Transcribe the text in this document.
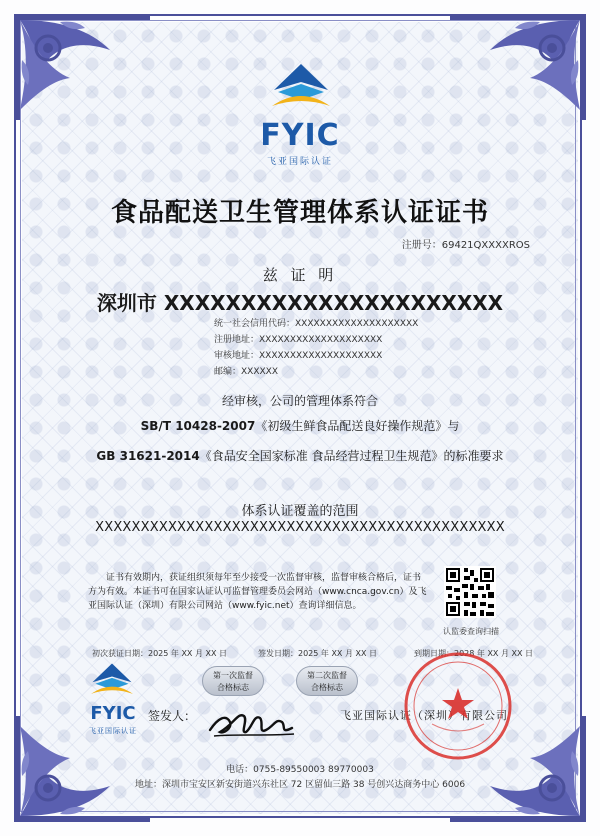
FYIC
飞亚国际认证
食品配送卫生管理体系认证证书
注册号：69421QXXXXROS
兹 证 明
深圳市 XXXXXXXXXXXXXXXXXXXXXX
统一社会信用代码：XXXXXXXXXXXXXXXXXXXX
注册地址：XXXXXXXXXXXXXXXXXXXX
审核地址：XXXXXXXXXXXXXXXXXXXX
邮编：XXXXXX
经审核，公司的管理体系符合
SB/T 10428-2007《初级生鲜食品配送良好操作规范》与
GB 31621-2014《食品安全国家标准 食品经营过程卫生规范》的标准要求
体系认证覆盖的范围
XXXXXXXXXXXXXXXXXXXXXXXXXXXXXXXXXXXXXXXXXXXXX
证书有效期内，获证组织须每年至少接受一次监督审核，监督审核合格后，证书方为有效。本证书可在国家认证认可监督管理委员会网站（www.cnca.gov.cn）及飞亚国际认证（深圳）有限公司网站（www.fyic.net）查询详细信息。
认监委查询扫描
初次获证日期：2025 年 XX 月 XX 日	签发日期：2025 年 XX 月 XX 日	到期日期：2028 年 XX 月 XX 日
第一次监督
合格标志
第二次监督
合格标志
FYIC
飞亚国际认证
签发人：	飞亚国际认证（深圳）有限公司
电话：0755-89550003 89770003
地址：深圳市宝安区新安街道兴东社区 72 区留仙三路 38 号创兴达商务中心 6006
